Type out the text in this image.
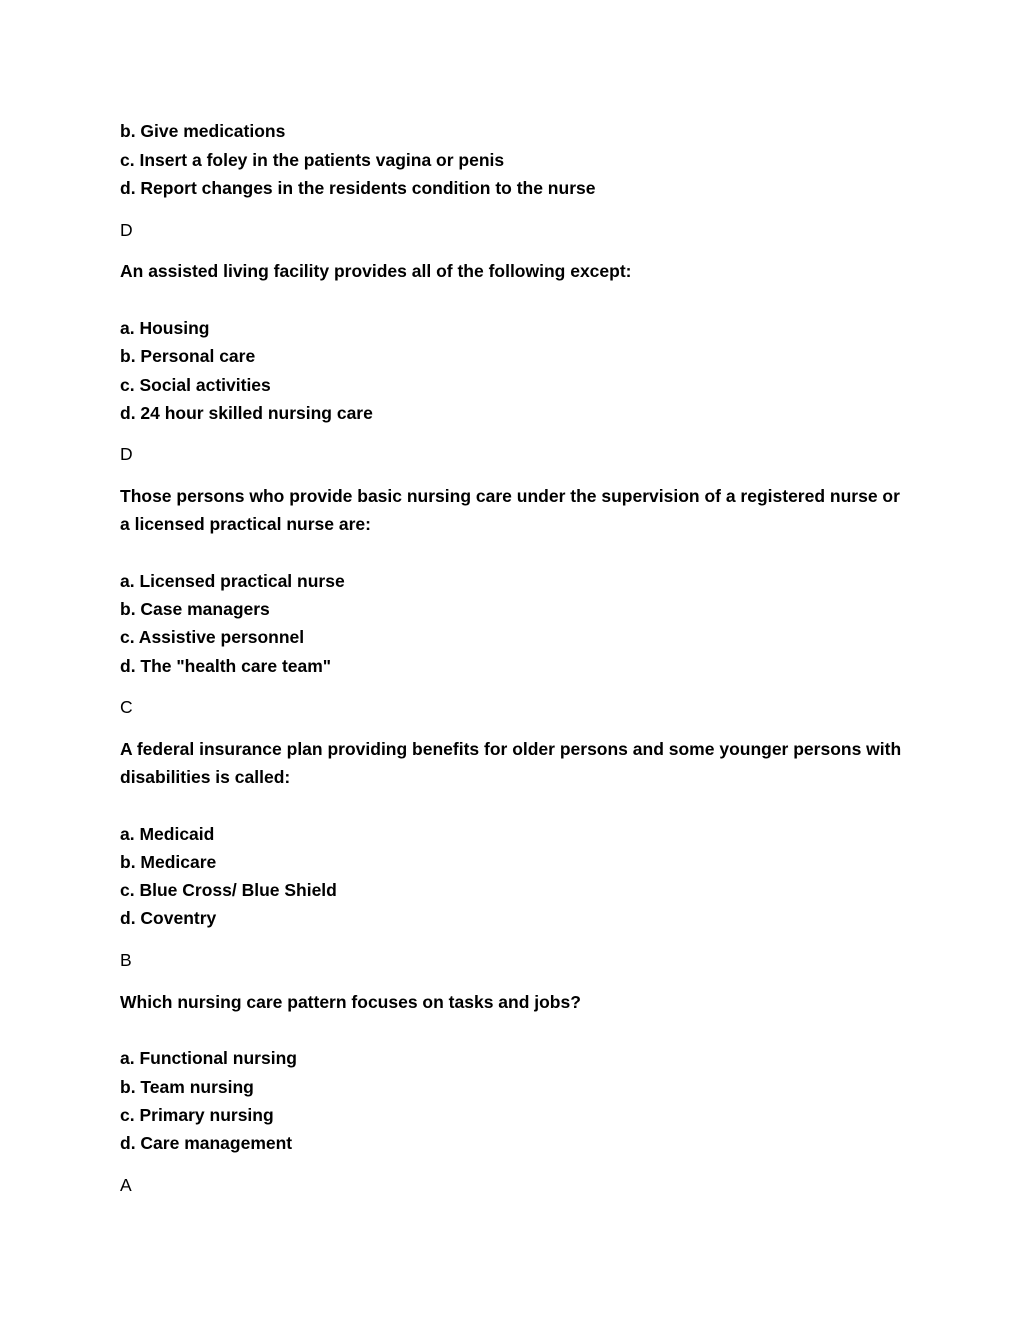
b. Give medications
c. Insert a foley in the patients vagina or penis
d. Report changes in the residents condition to the nurse
D
An assisted living facility provides all of the following except:
a. Housing
b. Personal care
c. Social activities
d. 24 hour skilled nursing care
D
Those persons who provide basic nursing care under the supervision of a registered nurse or a licensed practical nurse are:
a. Licensed practical nurse
b. Case managers
c. Assistive personnel
d. The "health care team"
C
A federal insurance plan providing benefits for older persons and some younger persons with disabilities is called:
a. Medicaid
b. Medicare
c. Blue Cross/ Blue Shield
d. Coventry
B
Which nursing care pattern focuses on tasks and jobs?
a. Functional nursing
b. Team nursing
c. Primary nursing
d. Care management
A
